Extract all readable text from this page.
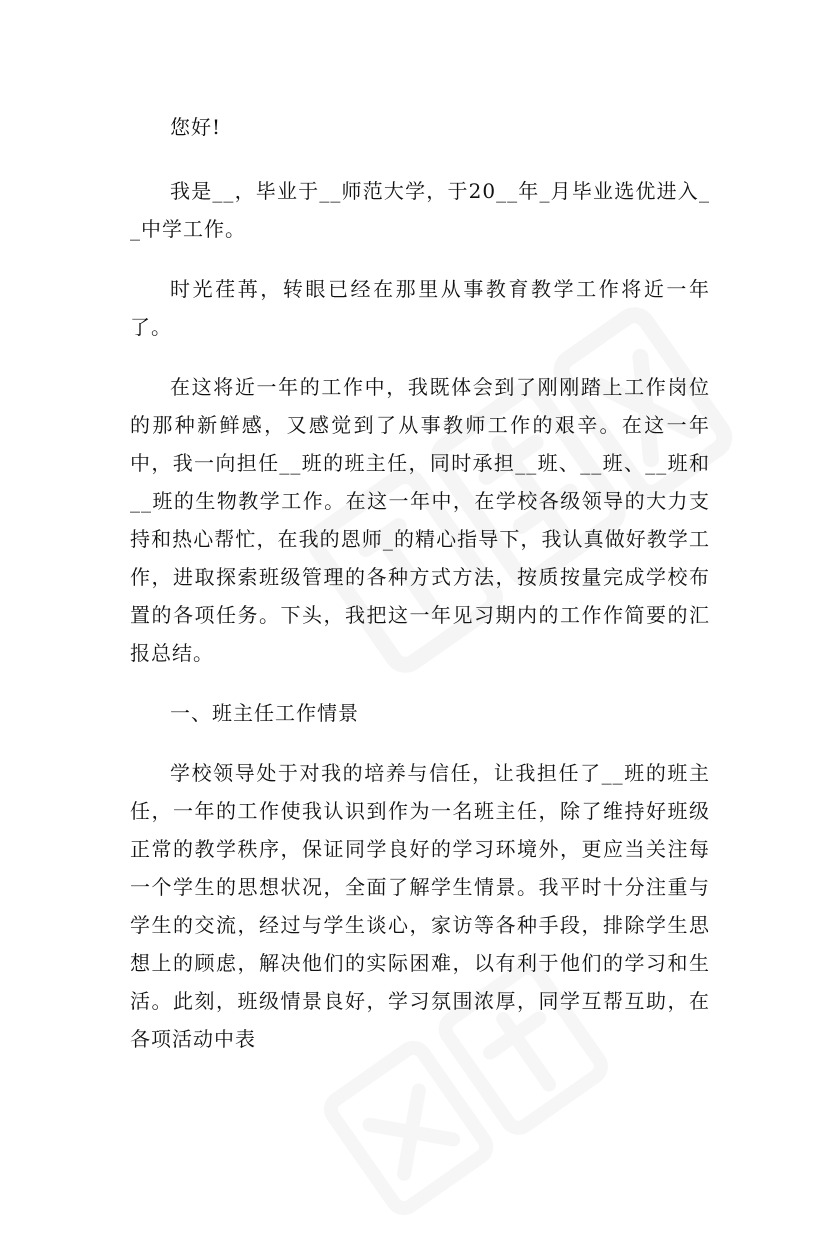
您好!

我是__，毕业于__师范大学，于20__年_月毕业选优进入__中学工作。

时光荏苒，转眼已经在那里从事教育教学工作将近一年了。

在这将近一年的工作中，我既体会到了刚刚踏上工作岗位的那种新鲜感，又感觉到了从事教师工作的艰辛。在这一年中，我一向担任__班的班主任，同时承担__班、__班、__班和__班的生物教学工作。在这一年中，在学校各级领导的大力支持和热心帮忙，在我的恩师_的精心指导下，我认真做好教学工作，进取探索班级管理的各种方式方法，按质按量完成学校布置的各项任务。下头，我把这一年见习期内的工作作简要的汇报总结。

一、班主任工作情景

学校领导处于对我的培养与信任，让我担任了__班的班主任，一年的工作使我认识到作为一名班主任，除了维持好班级正常的教学秩序，保证同学良好的学习环境外，更应当关注每一个学生的思想状况，全面了解学生情景。我平时十分注重与学生的交流，经过与学生谈心，家访等各种手段，排除学生思想上的顾虑，解决他们的实际困难，以有利于他们的学习和生活。此刻，班级情景良好，学习氛围浓厚，同学互帮互助，在各项活动中表
